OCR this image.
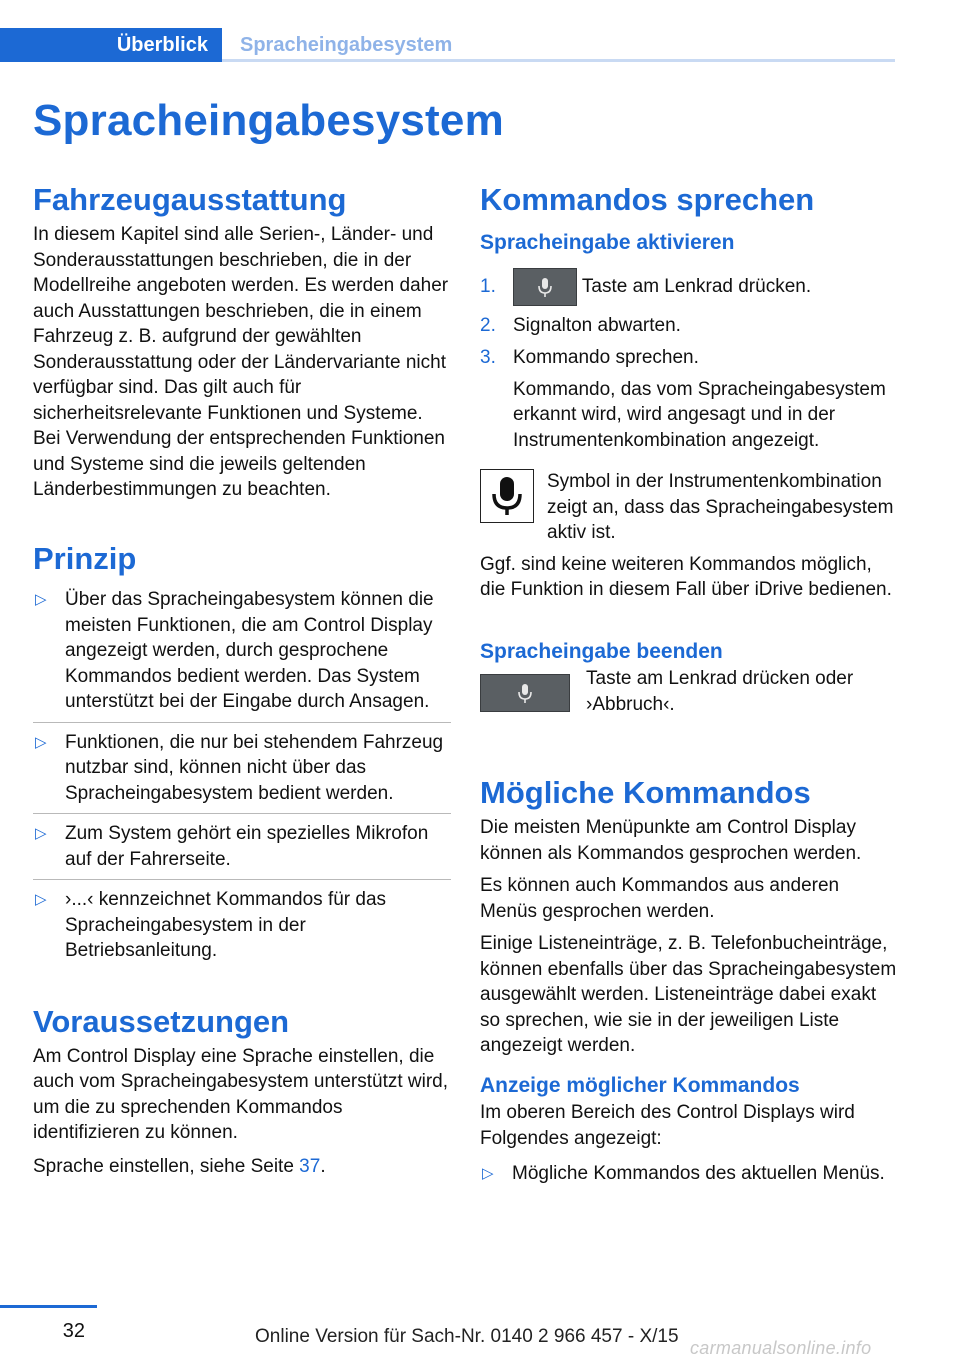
Überblick	Spracheingabesystem
Spracheingabesystem
Fahrzeugausstattung

In diesem Kapitel sind alle Serien-, Länder- und Sonderausstattungen beschrieben, die in der Modellreihe angeboten werden. Es werden daher auch Ausstattungen beschrieben, die in einem Fahrzeug z. B. aufgrund der gewählten Sonderausstattung oder der Ländervariante nicht verfügbar sind. Das gilt auch für sicherheitsrelevante Funktionen und Systeme. Bei Verwendung der entsprechenden Funktionen und Systeme sind die jeweils geltenden Länderbestimmungen zu beachten.

Prinzip
▷ Über das Spracheingabesystem können die meisten Funktionen, die am Control Display angezeigt werden, durch gesprochene Kommandos bedient werden. Das System unterstützt bei der Eingabe durch Ansagen.
▷ Funktionen, die nur bei stehendem Fahrzeug nutzbar sind, können nicht über das Spracheingabesystem bedient werden.
▷ Zum System gehört ein spezielles Mikrofon auf der Fahrerseite.
▷ ›...‹ kennzeichnet Kommandos für das Spracheingabesystem in der Betriebsanleitung.
Voraussetzungen

Am Control Display eine Sprache einstellen, die auch vom Spracheingabesystem unterstützt wird, um die zu sprechenden Kommandos identifizieren zu können.

Sprache einstellen, siehe Seite 37.

Kommandos sprechen
Spracheingabe aktivieren
1.	Taste am Lenkrad drücken.
2. Signalton abwarten.
3. Kommando sprechen.
Kommando, das vom Spracheingabesystem erkannt wird, wird angesagt und in der Instrumentenkombination angezeigt.

Symbol in der Instrumentenkombination zeigt an, dass das Spracheingabesystem aktiv ist.

Ggf. sind keine weiteren Kommandos möglich, die Funktion in diesem Fall über iDrive bedienen.

Spracheingabe beenden

Taste am Lenkrad drücken oder ›Abbruch‹.

Mögliche Kommandos

Die meisten Menüpunkte am Control Display können als Kommandos gesprochen werden.

Es können auch Kommandos aus anderen Menüs gesprochen werden.

Einige Listeneinträge, z. B. Telefonbucheinträge, können ebenfalls über das Spracheingabesystem ausgewählt werden. Listeneinträge dabei exakt so sprechen, wie sie in der jeweiligen Liste angezeigt werden.

Anzeige möglicher Kommandos

Im oberen Bereich des Control Displays wird Folgendes angezeigt:

▷ Mögliche Kommandos des aktuellen Menüs.
32	Online Version für Sach-Nr. 0140 2 966 457 - X/15
carmanualsonline.info
